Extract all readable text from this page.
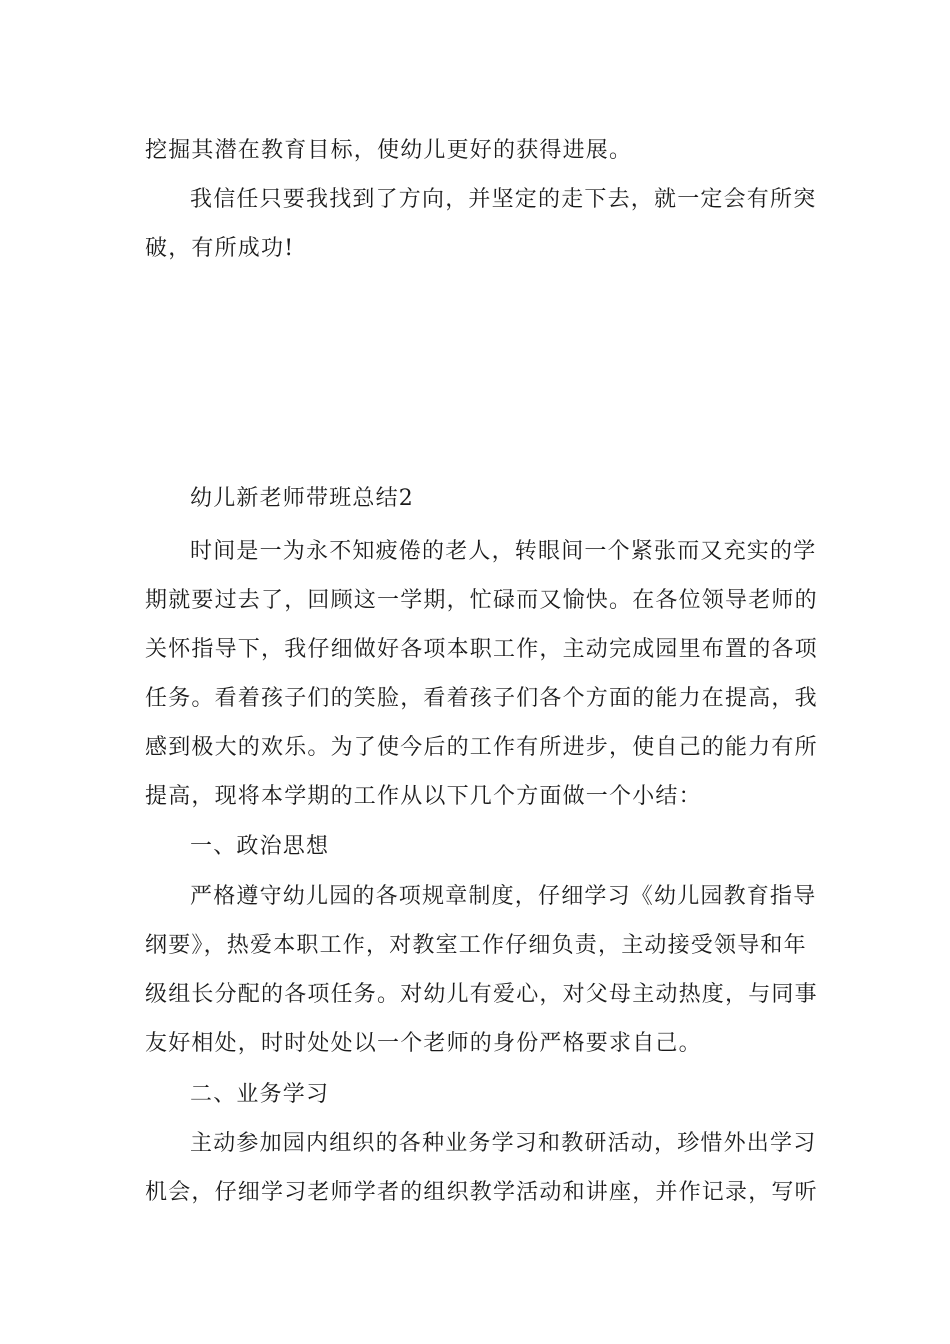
挖掘其潜在教育目标，使幼儿更好的获得进展。
我信任只要我找到了方向，并坚定的走下去，就一定会有所突
破，有所成功!
幼儿新老师带班总结2
时间是一为永不知疲倦的老人，转眼间一个紧张而又充实的学
期就要过去了，回顾这一学期，忙碌而又愉快。在各位领导老师的
关怀指导下，我仔细做好各项本职工作，主动完成园里布置的各项
任务。看着孩子们的笑脸，看着孩子们各个方面的能力在提高，我
感到极大的欢乐。为了使今后的工作有所进步，使自己的能力有所
提高，现将本学期的工作从以下几个方面做一个小结：
一、政治思想
严格遵守幼儿园的各项规章制度，仔细学习《幼儿园教育指导
纲要》，热爱本职工作，对教室工作仔细负责，主动接受领导和年
级组长分配的各项任务。对幼儿有爱心，对父母主动热度，与同事
友好相处，时时处处以一个老师的身份严格要求自己。
二、业务学习
主动参加园内组织的各种业务学习和教研活动，珍惜外出学习
机会，仔细学习老师学者的组织教学活动和讲座，并作记录，写听
